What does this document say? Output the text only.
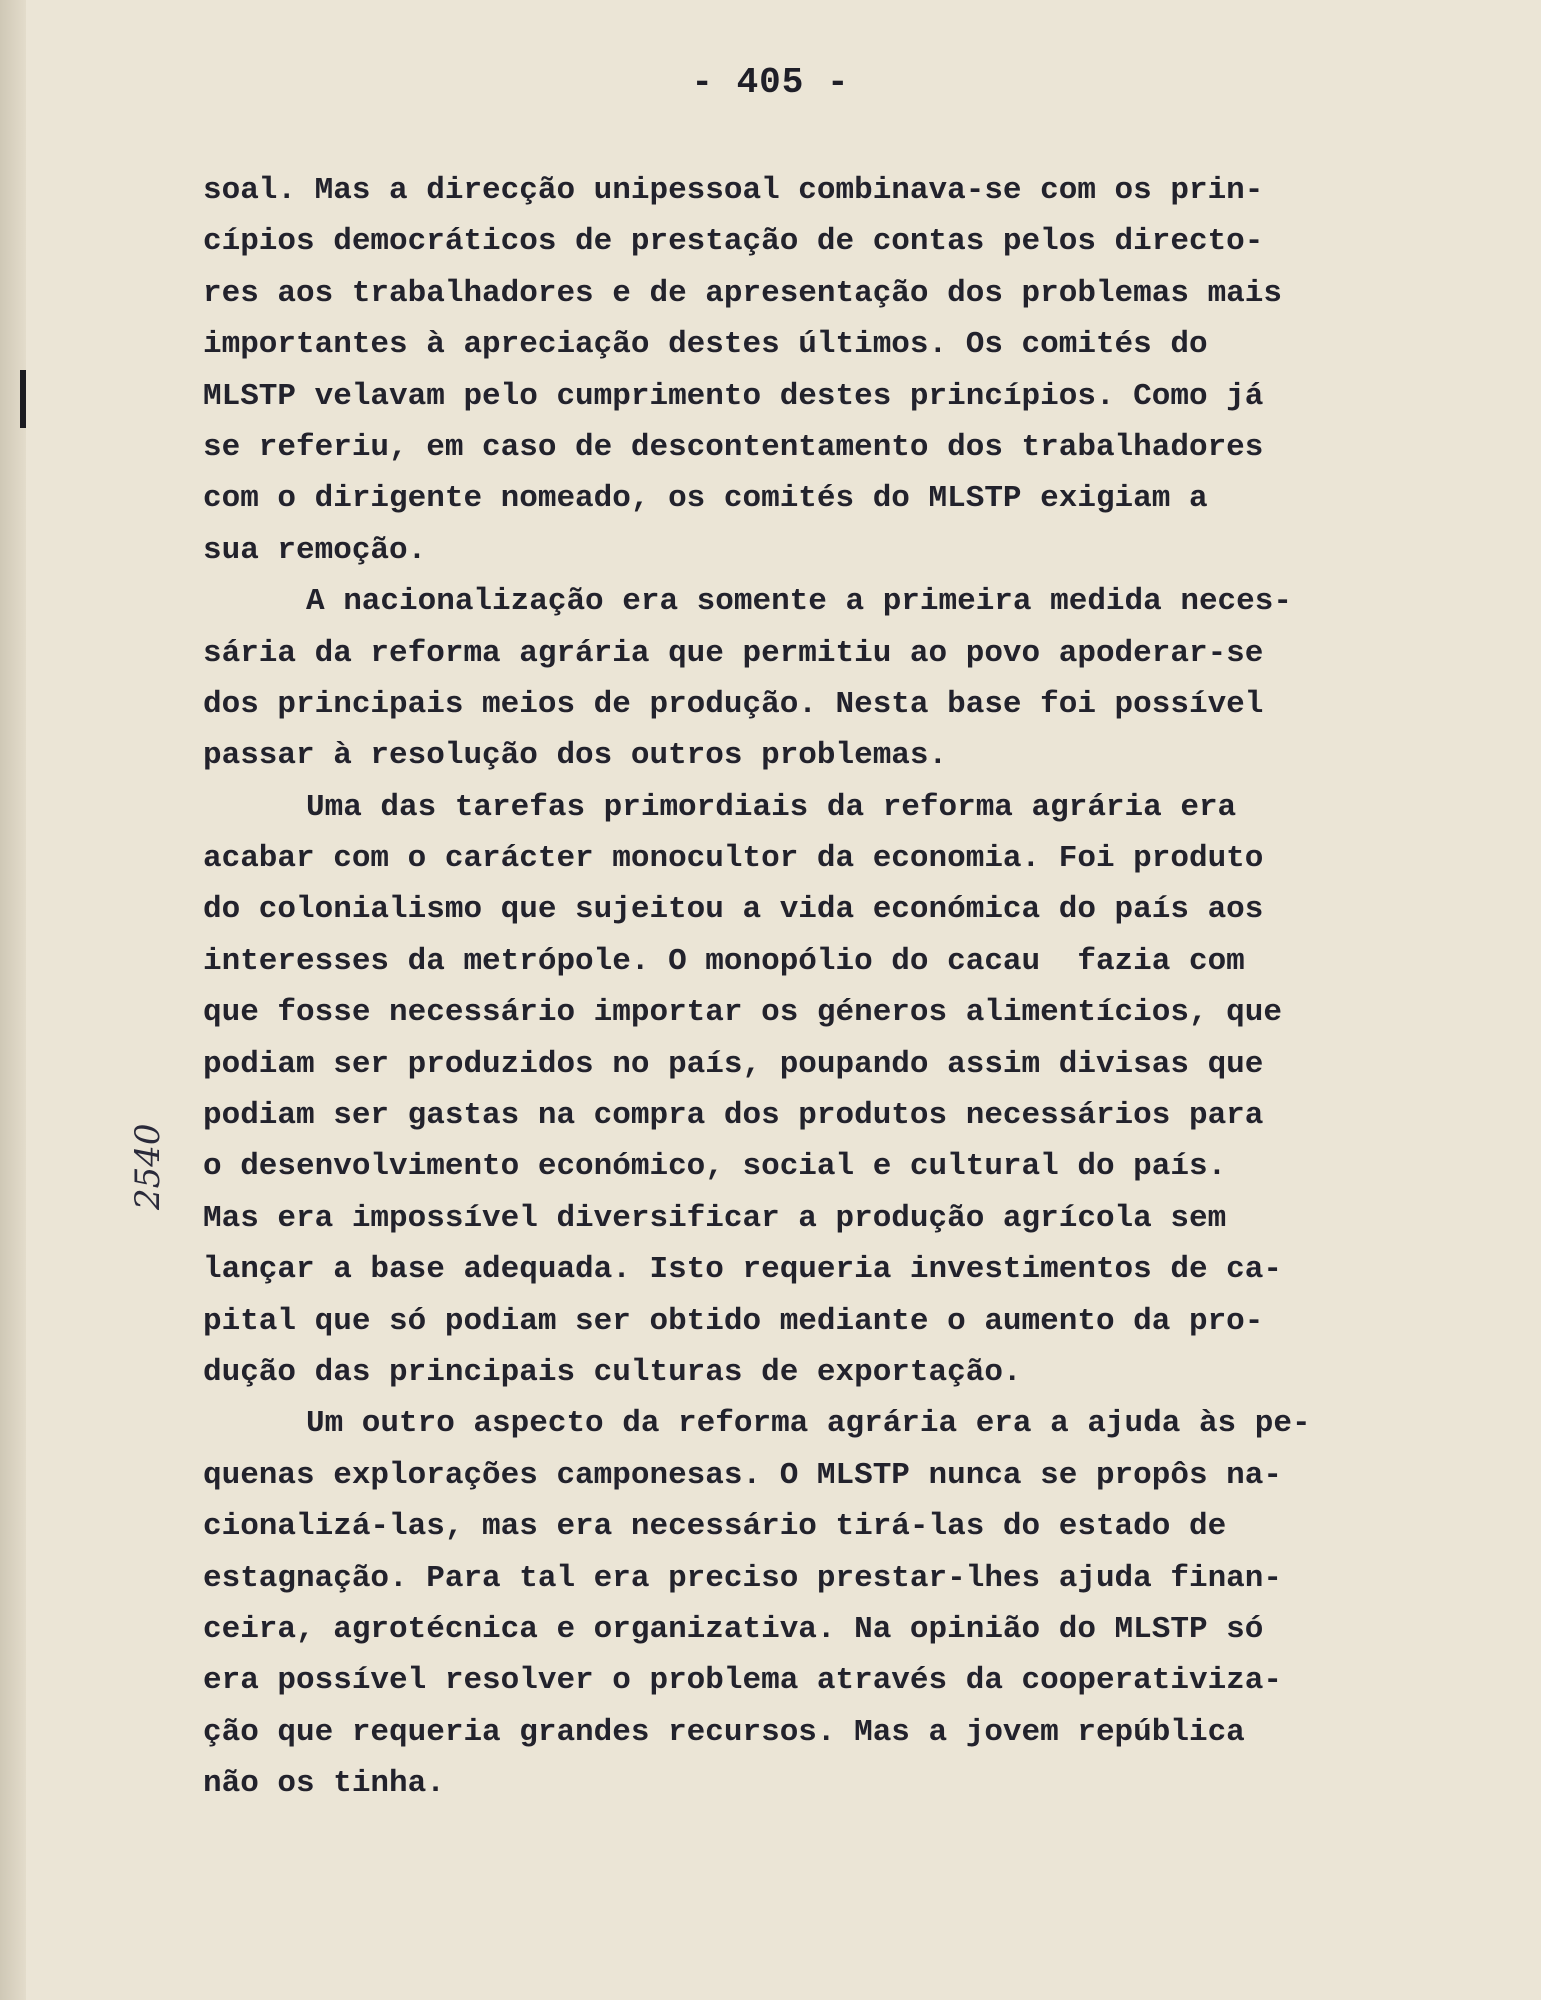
- 405 -
2540
soal. Mas a direcção unipessoal combinava-se com os prin-
cípios democráticos de prestação de contas pelos directo-
res aos trabalhadores e de apresentação dos problemas mais
importantes à apreciação destes últimos. Os comités do
MLSTP velavam pelo cumprimento destes princípios. Como já
se referiu, em caso de descontentamento dos trabalhadores
com o dirigente nomeado, os comités do MLSTP exigiam a
sua remoção.
A nacionalização era somente a primeira medida neces-
sária da reforma agrária que permitiu ao povo apoderar-se
dos principais meios de produção. Nesta base foi possível
passar à resolução dos outros problemas.
Uma das tarefas primordiais da reforma agrária era
acabar com o carácter monocultor da economia. Foi produto
do colonialismo que sujeitou a vida económica do país aos
interesses da metrópole. O monopólio do cacau  fazia com
que fosse necessário importar os géneros alimentícios, que
podiam ser produzidos no país, poupando assim divisas que
podiam ser gastas na compra dos produtos necessários para
o desenvolvimento económico, social e cultural do país.
Mas era impossível diversificar a produção agrícola sem
lançar a base adequada. Isto requeria investimentos de ca-
pital que só podiam ser obtido mediante o aumento da pro-
dução das principais culturas de exportação.
Um outro aspecto da reforma agrária era a ajuda às pe-
quenas explorações camponesas. O MLSTP nunca se propôs na-
cionalizá-las, mas era necessário tirá-las do estado de
estagnação. Para tal era preciso prestar-lhes ajuda finan-
ceira, agrotécnica e organizativa. Na opinião do MLSTP só
era possível resolver o problema através da cooperativiza-
ção que requeria grandes recursos. Mas a jovem república
não os tinha.
